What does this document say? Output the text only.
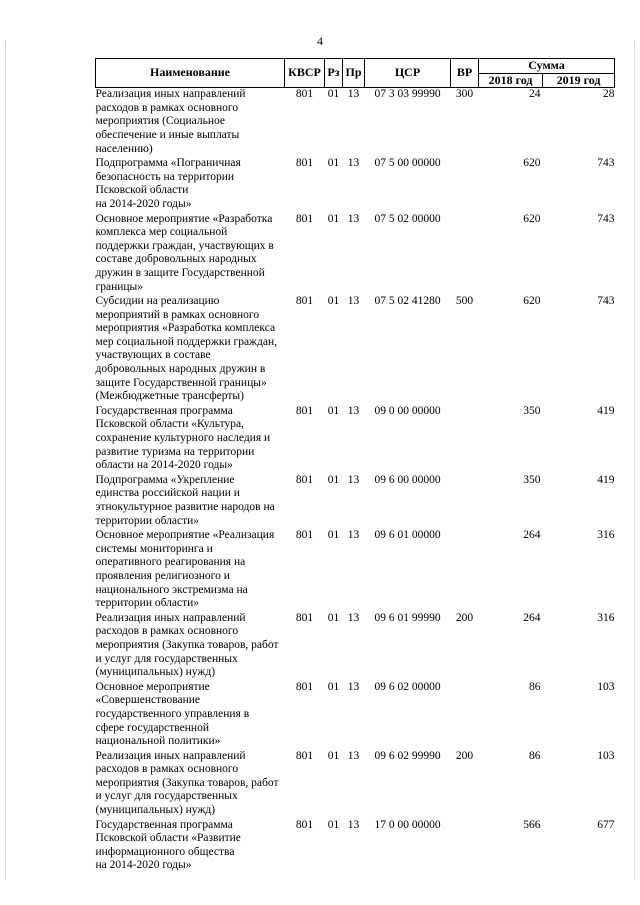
4
Наименование	КВСР	Рз	Пр	ЦСР	ВР	Сумма	
						2018 год	2019 год
Реализация иных направлений расходов в рамках основного мероприятия (Социальное обеспечение и иные выплаты населению)	801	01	13	07 3 03 99990	300	24	28
Подпрограмма «Пограничная безопасность на территории Псковской области
на 2014-2020 годы»	801	01	13	07 5 00 00000		620	743
Основное мероприятие «Разработка комплекса мер социальной поддержки граждан, участвующих в составе добровольных народных дружин в защите Государственной границы»	801	01	13	07 5 02 00000		620	743
Субсидии на реализацию мероприятий в рамках основного мероприятия «Разработка комплекса мер социальной поддержки граждан, участвующих в составе добровольных народных дружин в защите Государственной границы» (Межбюджетные трансферты)	801	01	13	07 5 02 41280	500	620	743
Государственная программа Псковской области «Культура, сохранение культурного наследия и развитие туризма на территории области на 2014-2020 годы»	801	01	13	09 0 00 00000		350	419
Подпрограмма «Укрепление единства российской нации и этнокультурное развитие народов на территории области»	801	01	13	09 6 00 00000		350	419
Основное мероприятие «Реализация системы мониторинга и оперативного реагирования на проявления религиозного и национального экстремизма на территории области»	801	01	13	09 6 01 00000		264	316
Реализация иных направлений расходов в рамках основного мероприятия (Закупка товаров, работ и услуг для государственных (муниципальных) нужд)	801	01	13	09 6 01 99990	200	264	316
Основное мероприятие «Совершенствование государственного управления в сфере государственной национальной политики»	801	01	13	09 6 02 00000		86	103
Реализация иных направлений расходов в рамках основного мероприятия (Закупка товаров, работ и услуг для государственных (муниципальных) нужд)	801	01	13	09 6 02 99990	200	86	103
Государственная программа Псковской области «Развитие информационного общества
на 2014-2020 годы»	801	01	13	17 0 00 00000		566	677
